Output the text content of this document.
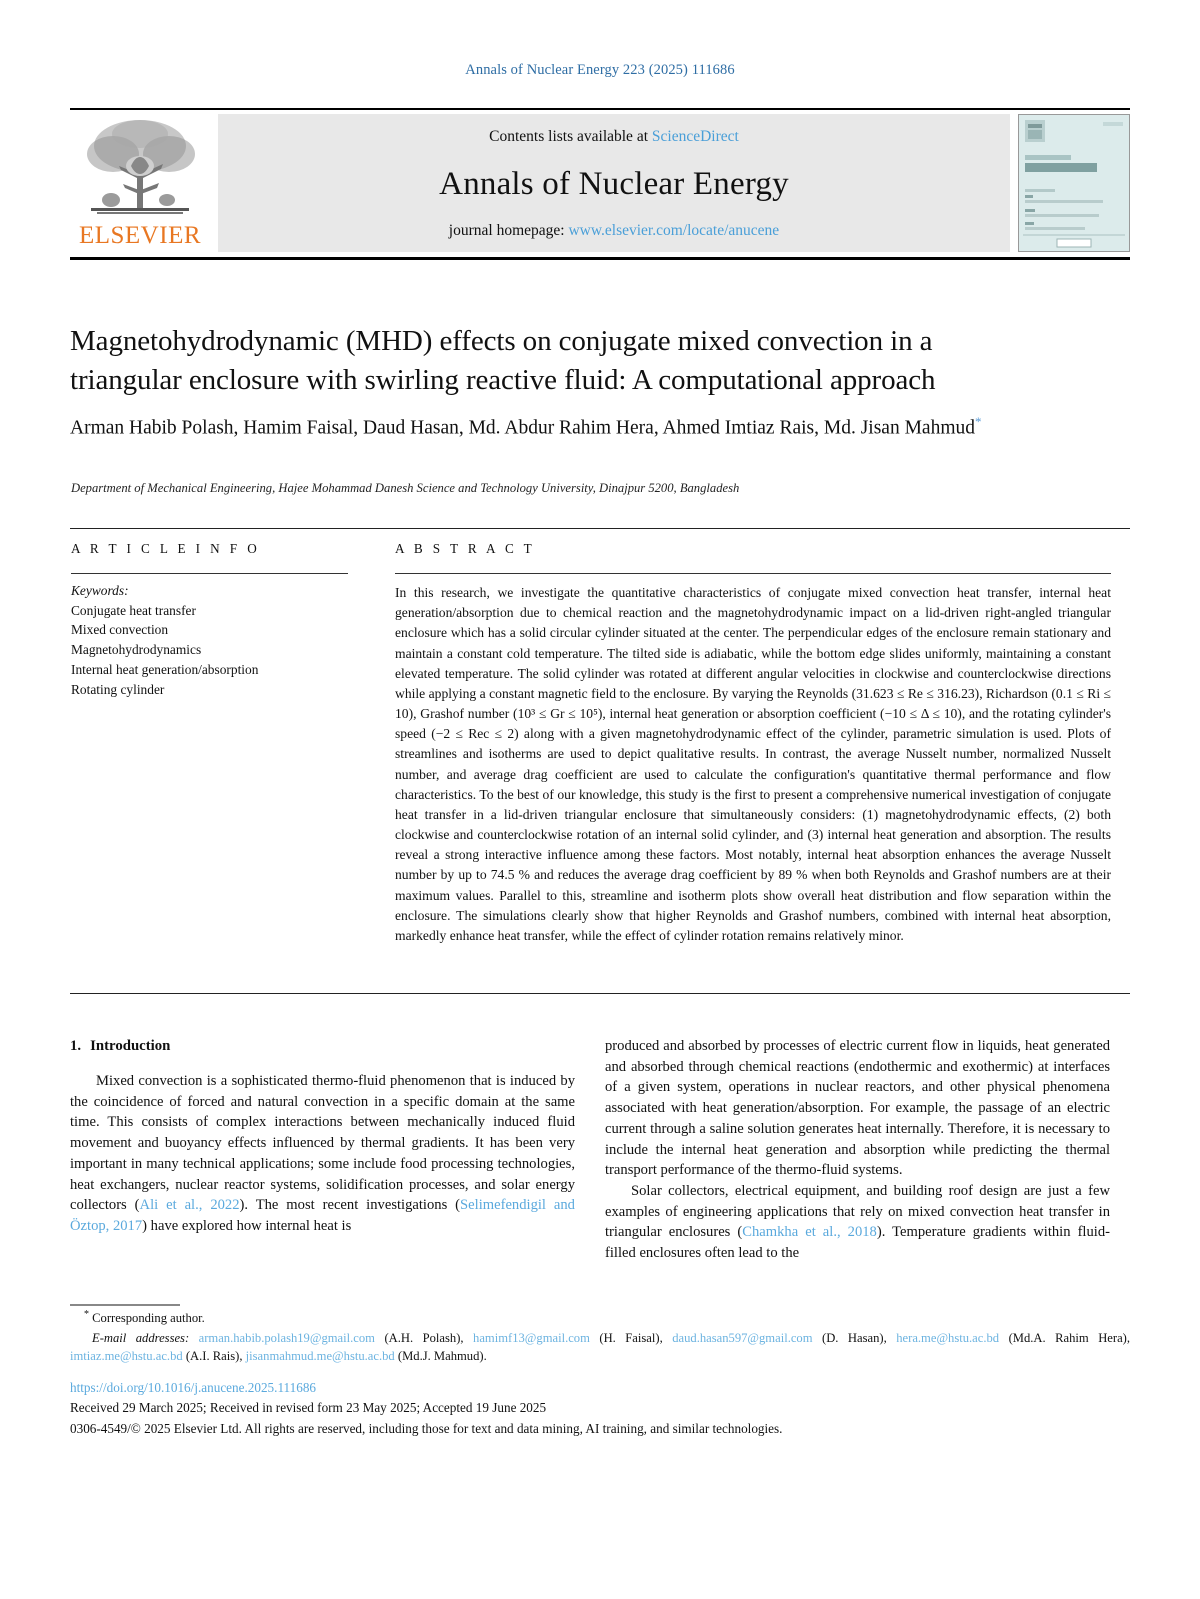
Annals of Nuclear Energy 223 (2025) 111686
ELSEVIER
Contents lists available at ScienceDirect
Annals of Nuclear Energy
journal homepage: www.elsevier.com/locate/anucene
Magnetohydrodynamic (MHD) effects on conjugate mixed convection in a triangular enclosure with swirling reactive fluid: A computational approach
Arman Habib Polash, Hamim Faisal, Daud Hasan, Md. Abdur Rahim Hera, Ahmed Imtiaz Rais, Md. Jisan Mahmud*
Department of Mechanical Engineering, Hajee Mohammad Danesh Science and Technology University, Dinajpur 5200, Bangladesh
A R T I C L E I N F O
Keywords:
Conjugate heat transfer
Mixed convection
Magnetohydrodynamics
Internal heat generation/absorption
Rotating cylinder
A B S T R A C T
In this research, we investigate the quantitative characteristics of conjugate mixed convection heat transfer, internal heat generation/absorption due to chemical reaction and the magnetohydrodynamic impact on a lid-driven right-angled triangular enclosure which has a solid circular cylinder situated at the center. The perpendicular edges of the enclosure remain stationary and maintain a constant cold temperature. The tilted side is adiabatic, while the bottom edge slides uniformly, maintaining a constant elevated temperature. The solid cylinder was rotated at different angular velocities in clockwise and counterclockwise directions while applying a constant magnetic field to the enclosure. By varying the Reynolds (31.623 ≤ Re ≤ 316.23), Richardson (0.1 ≤ Ri ≤ 10), Grashof number (10³ ≤ Gr ≤ 10⁵), internal heat generation or absorption coefficient (−10 ≤ Δ ≤ 10), and the rotating cylinder's speed (−2 ≤ Rec ≤ 2) along with a given magnetohydrodynamic effect of the cylinder, parametric simulation is used. Plots of streamlines and isotherms are used to depict qualitative results. In contrast, the average Nusselt number, normalized Nusselt number, and average drag coefficient are used to calculate the configuration's quantitative thermal performance and flow characteristics. To the best of our knowledge, this study is the first to present a comprehensive numerical investigation of conjugate heat transfer in a lid-driven triangular enclosure that simultaneously considers: (1) magnetohydrodynamic effects, (2) both clockwise and counterclockwise rotation of an internal solid cylinder, and (3) internal heat generation and absorption. The results reveal a strong interactive influence among these factors. Most notably, internal heat absorption enhances the average Nusselt number by up to 74.5 % and reduces the average drag coefficient by 89 % when both Reynolds and Grashof numbers are at their maximum values. Parallel to this, streamline and isotherm plots show overall heat distribution and flow separation within the enclosure. The simulations clearly show that higher Reynolds and Grashof numbers, combined with internal heat absorption, markedly enhance heat transfer, while the effect of cylinder rotation remains relatively minor.
1. Introduction

Mixed convection is a sophisticated thermo-fluid phenomenon that is induced by the coincidence of forced and natural convection in a specific domain at the same time. This consists of complex interactions between mechanically induced fluid movement and buoyancy effects influenced by thermal gradients. It has been very important in many technical applications; some include food processing technologies, heat exchangers, nuclear reactor systems, solidification processes, and solar energy collectors (Ali et al., 2022). The most recent investigations (Selimefendigil and Öztop, 2017) have explored how internal heat is

produced and absorbed by processes of electric current flow in liquids, heat generated and absorbed through chemical reactions (endothermic and exothermic) at interfaces of a given system, operations in nuclear reactors, and other physical phenomena associated with heat generation/absorption. For example, the passage of an electric current through a saline solution generates heat internally. Therefore, it is necessary to include the internal heat generation and absorption while predicting the thermal transport performance of the thermo-fluid systems.

Solar collectors, electrical equipment, and building roof design are just a few examples of engineering applications that rely on mixed convection heat transfer in triangular enclosures (Chamkha et al., 2018). Temperature gradients within fluid-filled enclosures often lead to the

* Corresponding author.
E-mail addresses: arman.habib.polash19@gmail.com (A.H. Polash), hamimf13@gmail.com (H. Faisal), daud.hasan597@gmail.com (D. Hasan), hera.me@hstu.ac.bd (Md.A. Rahim Hera), imtiaz.me@hstu.ac.bd (A.I. Rais), jisanmahmud.me@hstu.ac.bd (Md.J. Mahmud).
https://doi.org/10.1016/j.anucene.2025.111686
Received 29 March 2025; Received in revised form 23 May 2025; Accepted 19 June 2025
0306-4549/© 2025 Elsevier Ltd. All rights are reserved, including those for text and data mining, AI training, and similar technologies.
